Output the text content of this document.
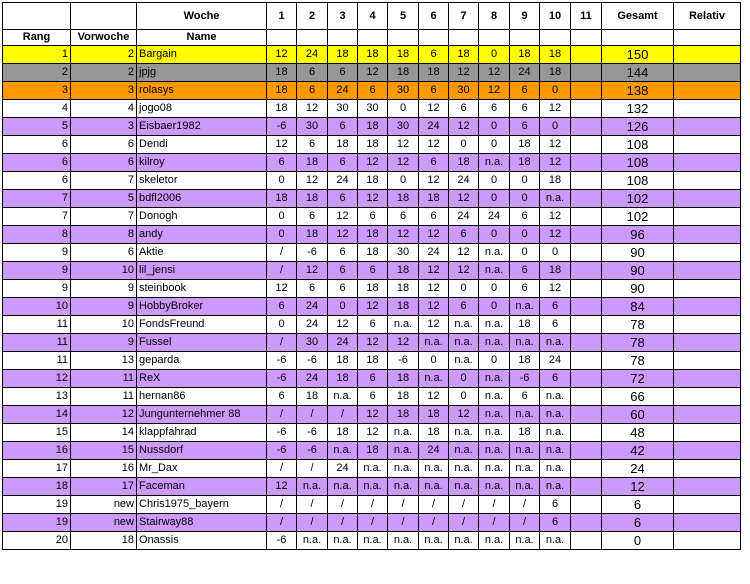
		Woche	1	2	3	4	5	6	7	8	9	10	11	Gesamt	Relativ
Rang	Vorwoche	Name													
1	2	Bargain	12	24	18	18	18	6	18	0	18	18		150	
2	2	jpjg	18	6	6	12	18	18	12	12	24	18		144	
3	3	rolasys	18	6	24	6	30	6	30	12	6	0		138	
4	4	jogo08	18	12	30	30	0	12	6	6	6	12		132	
5	3	Eisbaer1982	-6	30	6	18	30	24	12	0	6	0		126	
6	6	Dendi	12	6	18	18	12	12	0	0	18	12		108	
6	6	kilroy	6	18	6	12	12	6	18	n.a.	18	12		108	
6	7	skeletor	0	12	24	18	0	12	24	0	0	18		108	
7	5	bdfl2006	18	18	6	12	18	18	12	0	0	n.a.		102	
7	7	Donogh	0	6	12	6	6	6	24	24	6	12		102	
8	8	andy	0	18	12	18	12	12	6	0	0	12		96	
9	6	Aktie	/	-6	6	18	30	24	12	n.a.	0	0		90	
9	10	lil_jensi	/	12	6	6	18	12	12	n.a.	6	18		90	
9	9	steinbook	12	6	6	18	18	12	0	0	6	12		90	
10	9	HobbyBroker	6	24	0	12	18	12	6	0	n.a.	6		84	
11	10	FondsFreund	0	24	12	6	n.a.	12	n.a.	n.a.	18	6		78	
11	9	Fussel	/	30	24	12	12	n.a.	n.a.	n.a.	n.a.	n.a.		78	
11	13	geparda	-6	-6	18	18	-6	0	n.a.	0	18	24		78	
12	11	ReX	-6	24	18	6	18	n.a.	0	n.a.	-6	6		72	
13	11	hernan86	6	18	n.a.	6	18	12	0	n.a.	6	n.a.		66	
14	12	Jungunternehmer 88	/	/	/	12	18	18	12	n.a.	n.a.	n.a.		60	
15	14	klappfahrad	-6	-6	18	12	n.a.	18	n.a.	n.a.	18	n.a.		48	
16	15	Nussdorf	-6	-6	n.a.	18	n.a.	24	n.a.	n.a.	n.a.	n.a.		42	
17	16	Mr_Dax	/	/	24	n.a.	n.a.	n.a.	n.a.	n.a.	n.a.	n.a.		24	
18	17	Faceman	12	n.a.	n.a.	n.a.	n.a.	n.a.	n.a.	n.a.	n.a.	n.a.		12	
19	new	Chris1975_bayern	/	/	/	/	/	/	/	/	/	6		6	
19	new	Stairway88	/	/	/	/	/	/	/	/	/	6		6	
20	18	Onassis	-6	n.a.	n.a.	n.a.	n.a.	n.a.	n.a.	n.a.	n.a.	n.a.		0	
